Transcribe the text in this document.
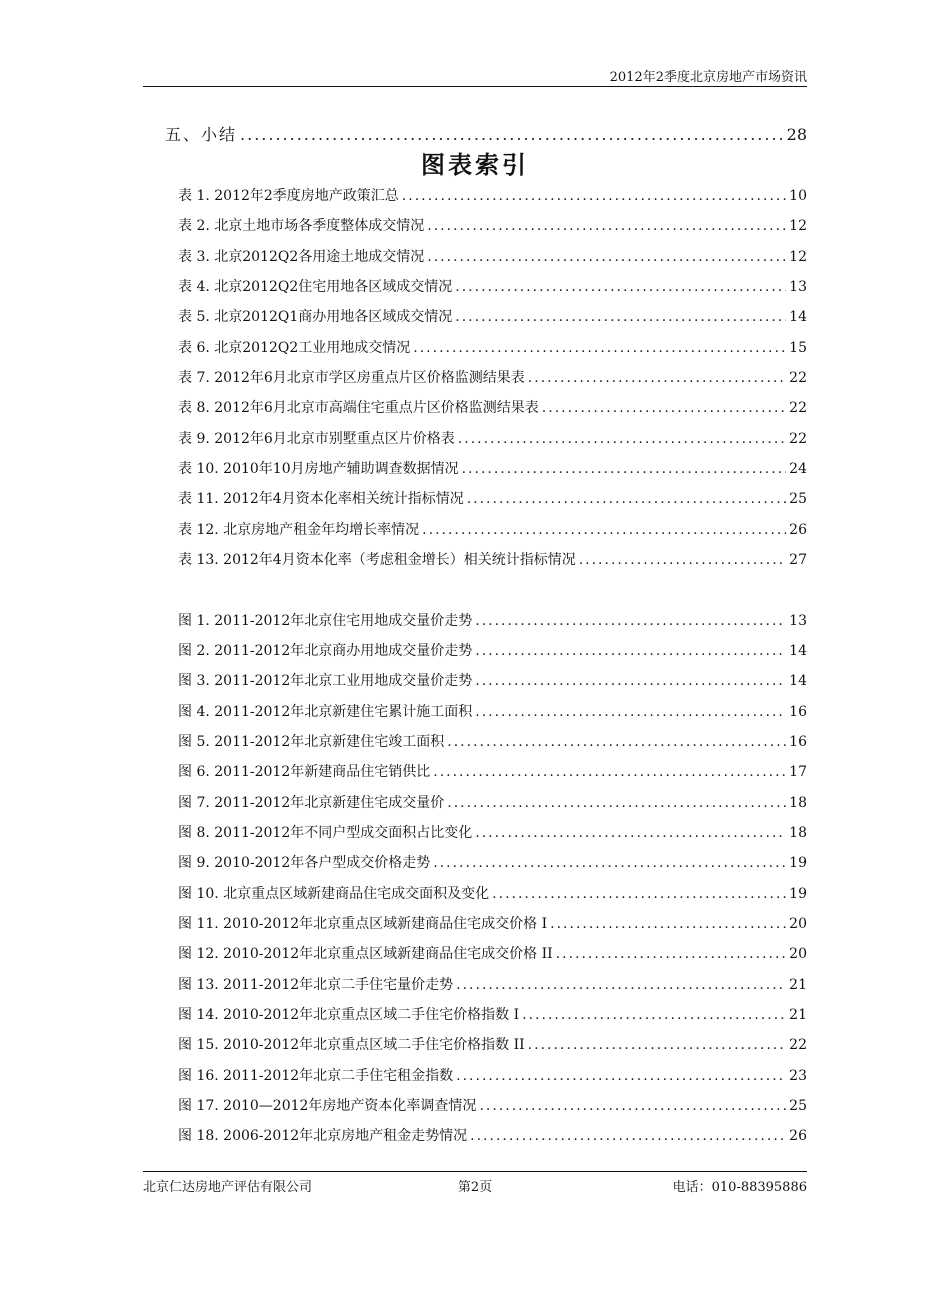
2012年2季度北京房地产市场资讯
五、小结 .....	28
图表索引
表 1. 2012年2季度房地产政策汇总 .....	10
表 2. 北京土地市场各季度整体成交情况 .....	12
表 3. 北京2012Q2各用途土地成交情况 .....	12
表 4. 北京2012Q2住宅用地各区域成交情况 .....	13
表 5. 北京2012Q1商办用地各区域成交情况 .....	14
表 6. 北京2012Q2工业用地成交情况 .....	15
表 7. 2012年6月北京市学区房重点片区价格监测结果表 .....	22
表 8. 2012年6月北京市高端住宅重点片区价格监测结果表 .....	22
表 9. 2012年6月北京市别墅重点区片价格表 .....	22
表 10. 2010年10月房地产辅助调查数据情况 .....	24
表 11. 2012年4月资本化率相关统计指标情况 .....	25
表 12. 北京房地产租金年均增长率情况 .....	26
表 13. 2012年4月资本化率（考虑租金增长）相关统计指标情况 .....	27
图 1. 2011-2012年北京住宅用地成交量价走势 .....	13
图 2. 2011-2012年北京商办用地成交量价走势 .....	14
图 3. 2011-2012年北京工业用地成交量价走势 .....	14
图 4. 2011-2012年北京新建住宅累计施工面积 .....	16
图 5. 2011-2012年北京新建住宅竣工面积 .....	16
图 6. 2011-2012年新建商品住宅销供比 .....	17
图 7. 2011-2012年北京新建住宅成交量价 .....	18
图 8. 2011-2012年不同户型成交面积占比变化 .....	18
图 9. 2010-2012年各户型成交价格走势 .....	19
图 10. 北京重点区域新建商品住宅成交面积及变化 .....	19
图 11. 2010-2012年北京重点区域新建商品住宅成交价格 I .....	20
图 12. 2010-2012年北京重点区域新建商品住宅成交价格 II .....	20
图 13. 2011-2012年北京二手住宅量价走势 .....	21
图 14. 2010-2012年北京重点区域二手住宅价格指数 I .....	21
图 15. 2010-2012年北京重点区域二手住宅价格指数 II .....	22
图 16. 2011-2012年北京二手住宅租金指数 .....	23
图 17. 2010—2012年房地产资本化率调查情况 .....	25
图 18. 2006-2012年北京房地产租金走势情况 .....	26
北京仁达房地产评估有限公司	第2页	电话：010-88395886
